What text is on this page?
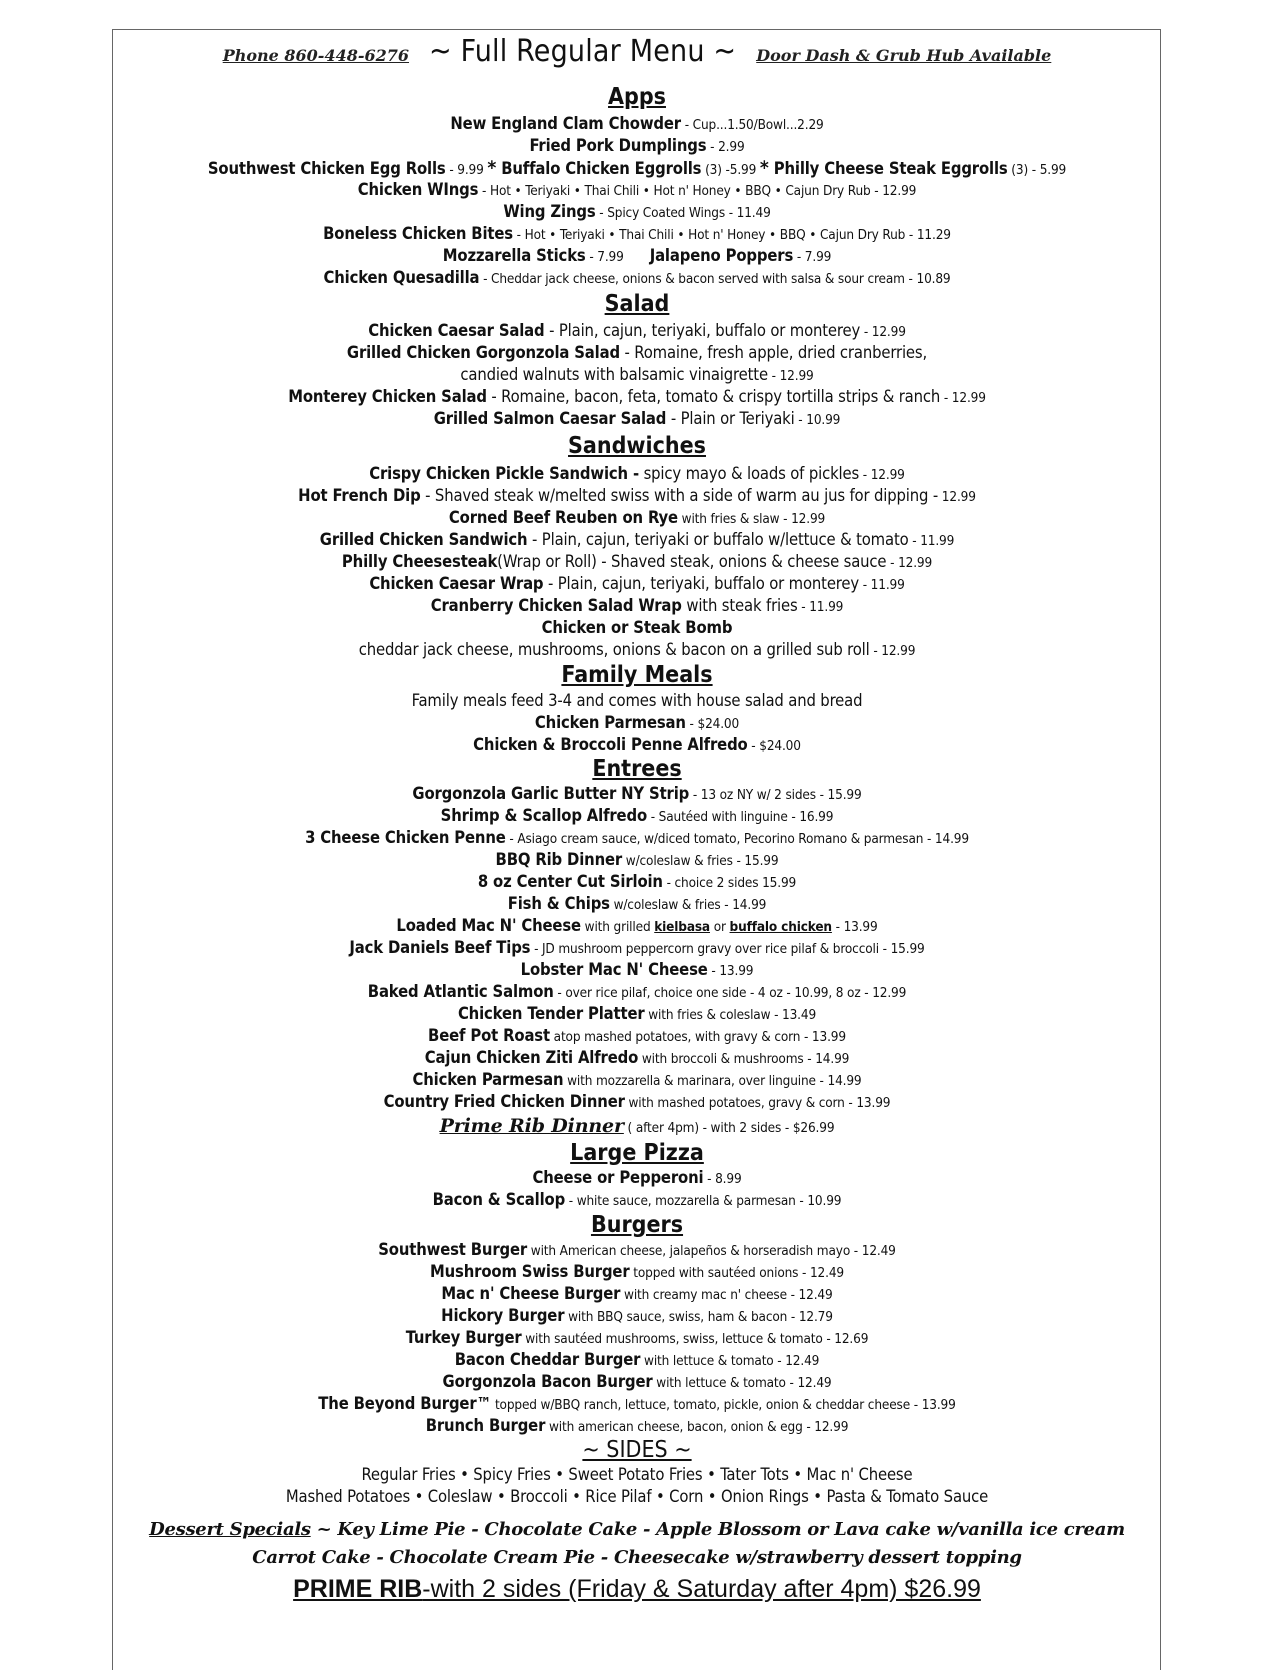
Phone 860-448-6276 ~ Full Regular Menu ~ Door Dash & Grub Hub Available
Apps
New England Clam Chowder - Cup...1.50/Bowl...2.29
Fried Pork Dumplings - 2.99
Southwest Chicken Egg Rolls - 9.99 * Buffalo Chicken Eggrolls (3) -5.99 * Philly Cheese Steak Eggrolls (3) - 5.99
Chicken WIngs - Hot • Teriyaki • Thai Chili • Hot n' Honey • BBQ • Cajun Dry Rub - 12.99
Wing Zings - Spicy Coated Wings - 11.49
Boneless Chicken Bites - Hot • Teriyaki • Thai Chili • Hot n' Honey • BBQ • Cajun Dry Rub - 11.29
Mozzarella Sticks - 7.99 Jalapeno Poppers - 7.99
Chicken Quesadilla - Cheddar jack cheese, onions & bacon served with salsa & sour cream - 10.89
Salad
Chicken Caesar Salad - Plain, cajun, teriyaki, buffalo or monterey - 12.99
Grilled Chicken Gorgonzola Salad - Romaine, fresh apple, dried cranberries,
candied walnuts with balsamic vinaigrette - 12.99
Monterey Chicken Salad - Romaine, bacon, feta, tomato & crispy tortilla strips & ranch - 12.99
Grilled Salmon Caesar Salad - Plain or Teriyaki - 10.99
Sandwiches
Crispy Chicken Pickle Sandwich - spicy mayo & loads of pickles - 12.99
Hot French Dip - Shaved steak w/melted swiss with a side of warm au jus for dipping - 12.99
Corned Beef Reuben on Rye with fries & slaw - 12.99
Grilled Chicken Sandwich - Plain, cajun, teriyaki or buffalo w/lettuce & tomato - 11.99
Philly Cheesesteak(Wrap or Roll) - Shaved steak, onions & cheese sauce - 12.99
Chicken Caesar Wrap - Plain, cajun, teriyaki, buffalo or monterey - 11.99
Cranberry Chicken Salad Wrap with steak fries - 11.99
Chicken or Steak Bomb
cheddar jack cheese, mushrooms, onions & bacon on a grilled sub roll - 12.99
Family Meals
Family meals feed 3-4 and comes with house salad and bread
Chicken Parmesan - $24.00
Chicken & Broccoli Penne Alfredo - $24.00
Entrees
Gorgonzola Garlic Butter NY Strip - 13 oz NY w/ 2 sides - 15.99
Shrimp & Scallop Alfredo - Sautéed with linguine - 16.99
3 Cheese Chicken Penne - Asiago cream sauce, w/diced tomato, Pecorino Romano & parmesan - 14.99
BBQ Rib Dinner w/coleslaw & fries - 15.99
8 oz Center Cut Sirloin - choice 2 sides 15.99
Fish & Chips w/coleslaw & fries - 14.99
Loaded Mac N' Cheese with grilled kielbasa or buffalo chicken - 13.99
Jack Daniels Beef Tips - JD mushroom peppercorn gravy over rice pilaf & broccoli - 15.99
Lobster Mac N' Cheese - 13.99
Baked Atlantic Salmon - over rice pilaf, choice one side - 4 oz - 10.99, 8 oz - 12.99
Chicken Tender Platter with fries & coleslaw - 13.49
Beef Pot Roast atop mashed potatoes, with gravy & corn - 13.99
Cajun Chicken Ziti Alfredo with broccoli & mushrooms - 14.99
Chicken Parmesan with mozzarella & marinara, over linguine - 14.99
Country Fried Chicken Dinner with mashed potatoes, gravy & corn - 13.99
Prime Rib Dinner ( after 4pm) - with 2 sides - $26.99
Large Pizza
Cheese or Pepperoni - 8.99
Bacon & Scallop - white sauce, mozzarella & parmesan - 10.99
Burgers
Southwest Burger with American cheese, jalapeños & horseradish mayo - 12.49
Mushroom Swiss Burger topped with sautéed onions - 12.49
Mac n' Cheese Burger with creamy mac n' cheese - 12.49
Hickory Burger with BBQ sauce, swiss, ham & bacon - 12.79
Turkey Burger with sautéed mushrooms, swiss, lettuce & tomato - 12.69
Bacon Cheddar Burger with lettuce & tomato - 12.49
Gorgonzola Bacon Burger with lettuce & tomato - 12.49
The Beyond Burger™ topped w/BBQ ranch, lettuce, tomato, pickle, onion & cheddar cheese - 13.99
Brunch Burger with american cheese, bacon, onion & egg - 12.99
~ SIDES ~
Regular Fries • Spicy Fries • Sweet Potato Fries • Tater Tots • Mac n' Cheese
Mashed Potatoes • Coleslaw • Broccoli • Rice Pilaf • Corn • Onion Rings • Pasta & Tomato Sauce
Dessert Specials ~ Key Lime Pie - Chocolate Cake - Apple Blossom or Lava cake w/vanilla ice cream
Carrot Cake - Chocolate Cream Pie - Cheesecake w/strawberry dessert topping
PRIME RIB-with 2 sides (Friday & Saturday after 4pm) $26.99
